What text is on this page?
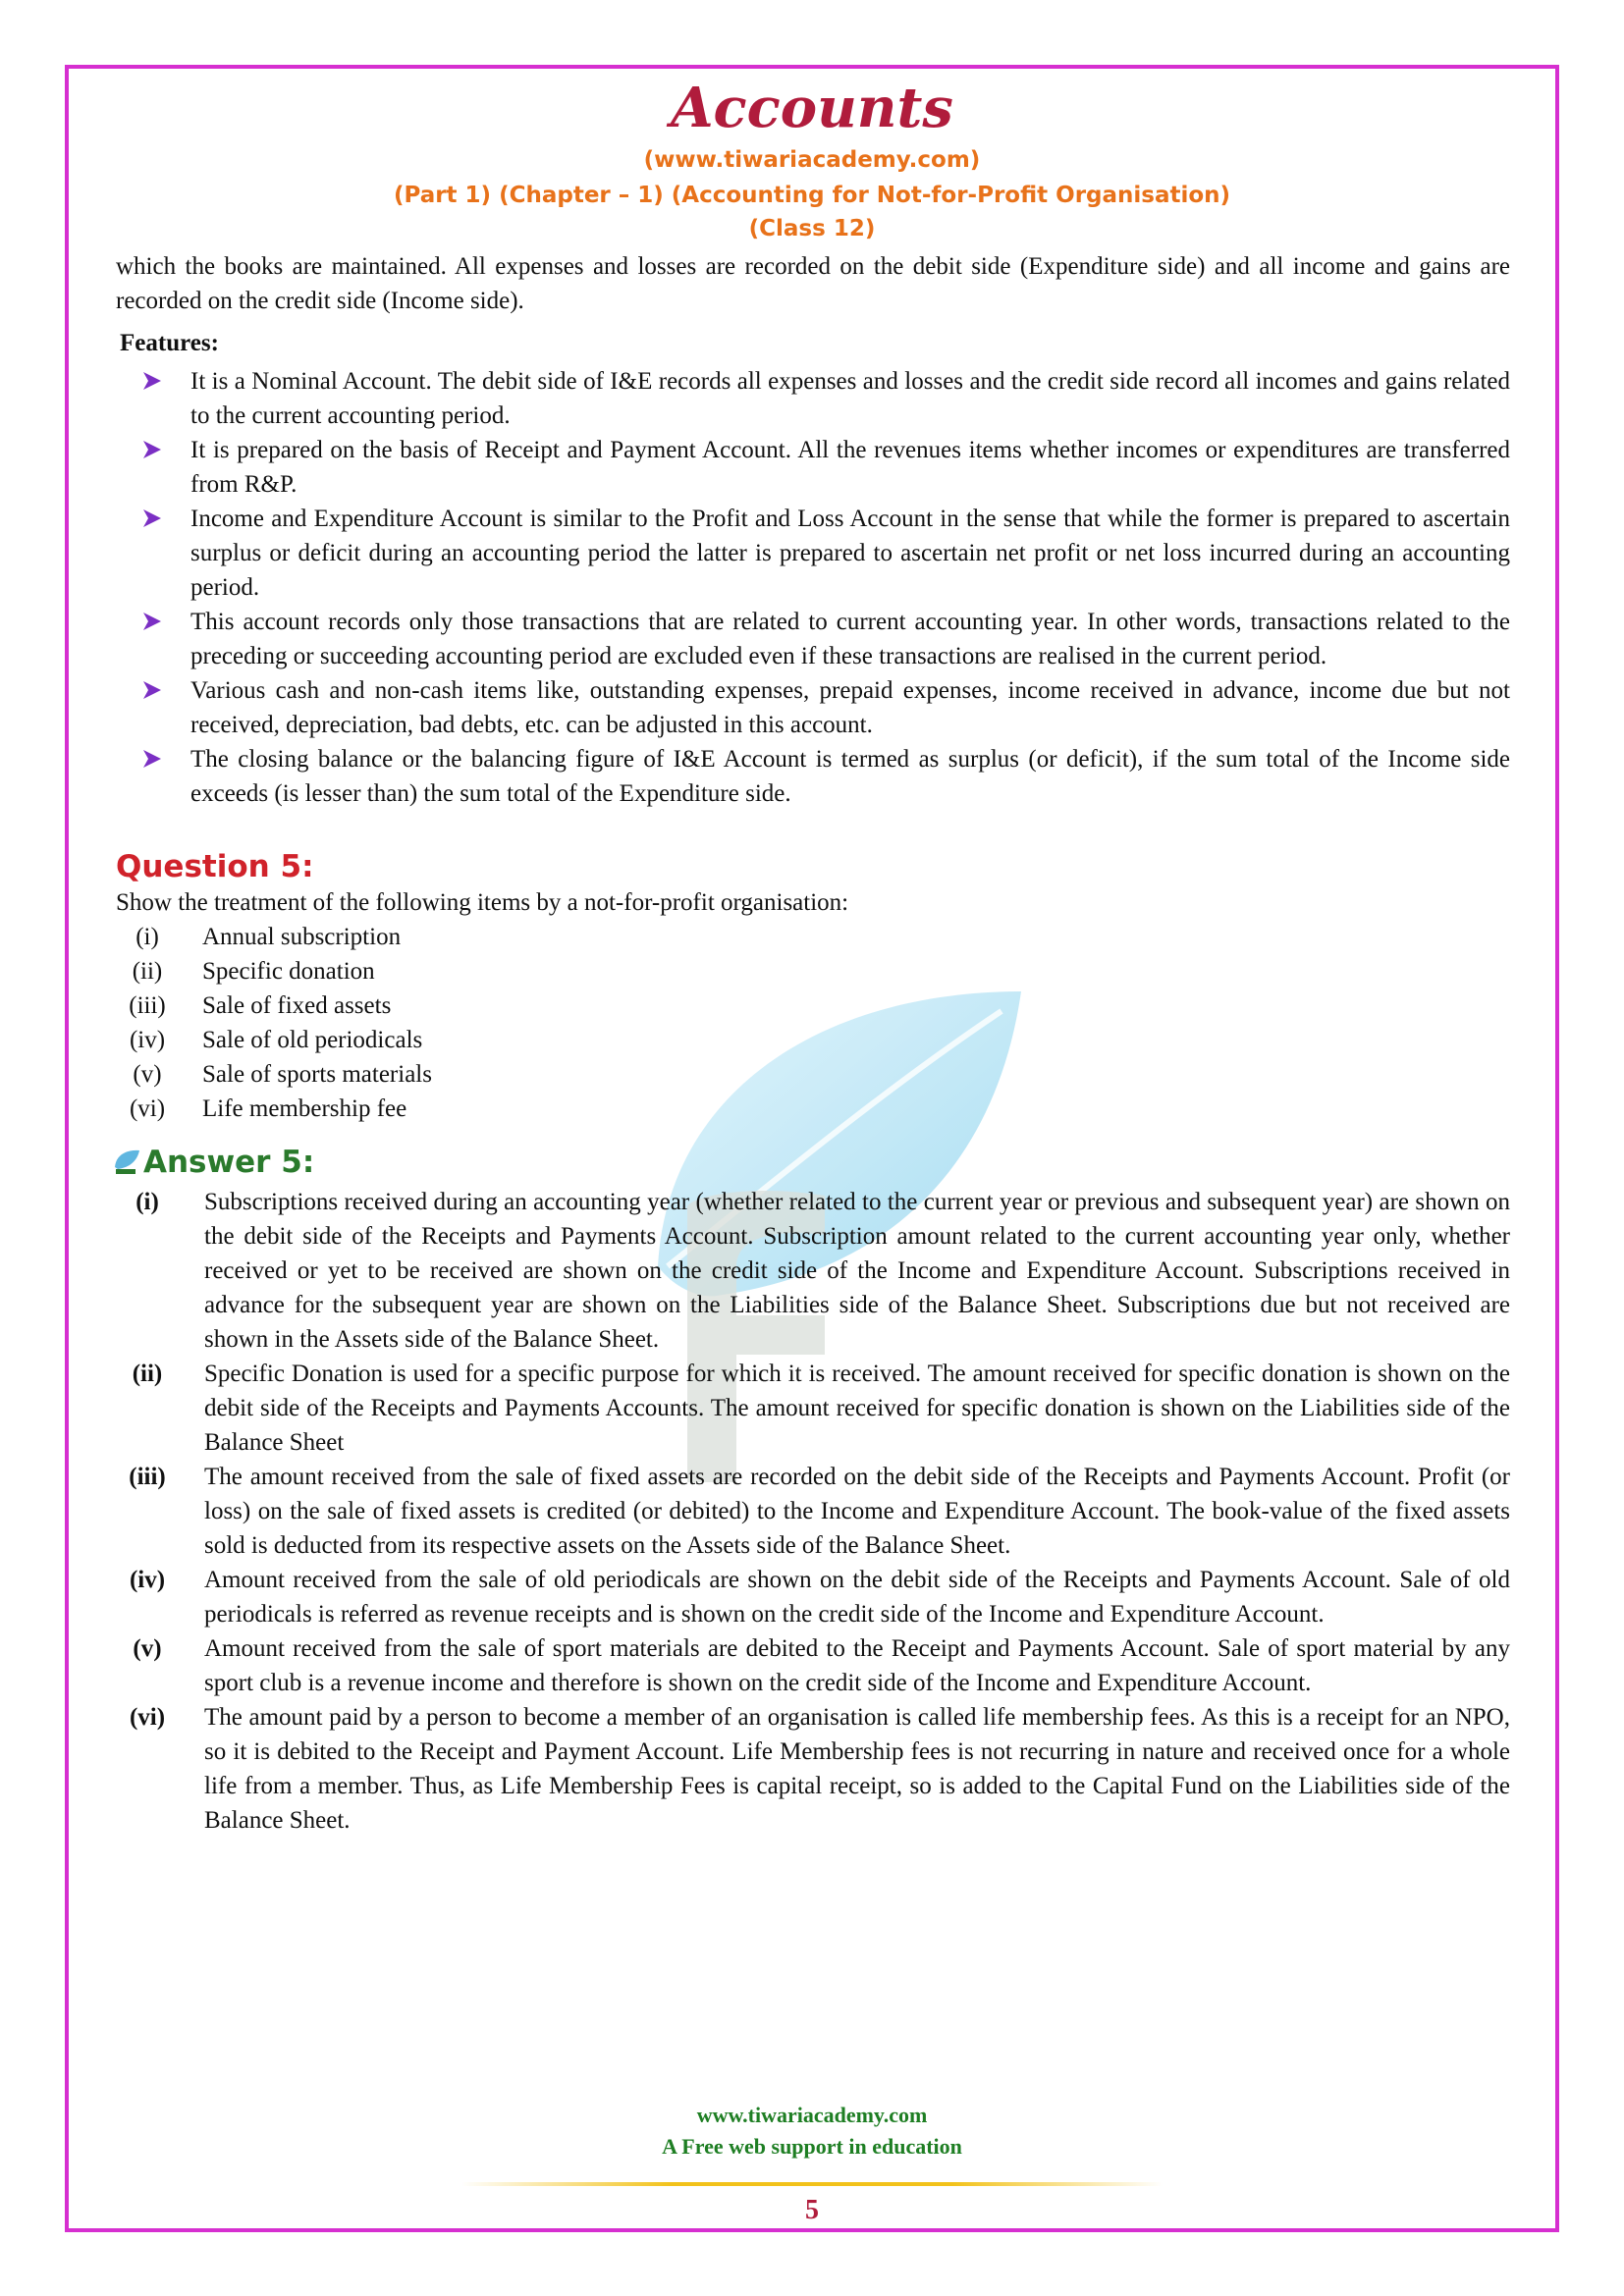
Accounts
(www.tiwariacademy.com)
(Part 1) (Chapter – 1) (Accounting for Not-for-Profit Organisation)
(Class 12)

which the books are maintained. All expenses and losses are recorded on the debit side (Expenditure side) and all income and gains are recorded on the credit side (Income side).

Features:
It is a Nominal Account. The debit side of I&E records all expenses and losses and the credit side record all incomes and gains related to the current accounting period.
It is prepared on the basis of Receipt and Payment Account. All the revenues items whether incomes or expenditures are transferred from R&P.
Income and Expenditure Account is similar to the Profit and Loss Account in the sense that while the former is prepared to ascertain surplus or deficit during an accounting period the latter is prepared to ascertain net profit or net loss incurred during an accounting period.
This account records only those transactions that are related to current accounting year. In other words, transactions related to the preceding or succeeding accounting period are excluded even if these transactions are realised in the current period.
Various cash and non-cash items like, outstanding expenses, prepaid expenses, income received in advance, income due but not received, depreciation, bad debts, etc. can be adjusted in this account.
The closing balance or the balancing figure of I&E Account is termed as surplus (or deficit), if the sum total of the Income side exceeds (is lesser than) the sum total of the Expenditure side.
Question 5:

Show the treatment of the following items by a not-for-profit organisation:

(i)	Annual subscription
(ii)	Specific donation
(iii)	Sale of fixed assets
(iv)	Sale of old periodicals
(v)	Sale of sports materials
(vi)	Life membership fee
Answer 5:
(i)	Subscriptions received during an accounting year (whether related to the current year or previous and subsequent year) are shown on the debit side of the Receipts and Payments Account. Subscription amount related to the current accounting year only, whether received or yet to be received are shown on the credit side of the Income and Expenditure Account. Subscriptions received in advance for the subsequent year are shown on the Liabilities side of the Balance Sheet. Subscriptions due but not received are shown in the Assets side of the Balance Sheet.
(ii)	Specific Donation is used for a specific purpose for which it is received. The amount received for specific donation is shown on the debit side of the Receipts and Payments Accounts. The amount received for specific donation is shown on the Liabilities side of the Balance Sheet
(iii)	The amount received from the sale of fixed assets are recorded on the debit side of the Receipts and Payments Account. Profit (or loss) on the sale of fixed assets is credited (or debited) to the Income and Expenditure Account. The book-value of the fixed assets sold is deducted from its respective assets on the Assets side of the Balance Sheet.
(iv)	Amount received from the sale of old periodicals are shown on the debit side of the Receipts and Payments Account. Sale of old periodicals is referred as revenue receipts and is shown on the credit side of the Income and Expenditure Account.
(v)	Amount received from the sale of sport materials are debited to the Receipt and Payments Account. Sale of sport material by any sport club is a revenue income and therefore is shown on the credit side of the Income and Expenditure Account.
(vi)	The amount paid by a person to become a member of an organisation is called life membership fees. As this is a receipt for an NPO, so it is debited to the Receipt and Payment Account. Life Membership fees is not recurring in nature and received once for a whole life from a member. Thus, as Life Membership Fees is capital receipt, so is added to the Capital Fund on the Liabilities side of the Balance Sheet.
www.tiwariacademy.com
A Free web support in education
5
